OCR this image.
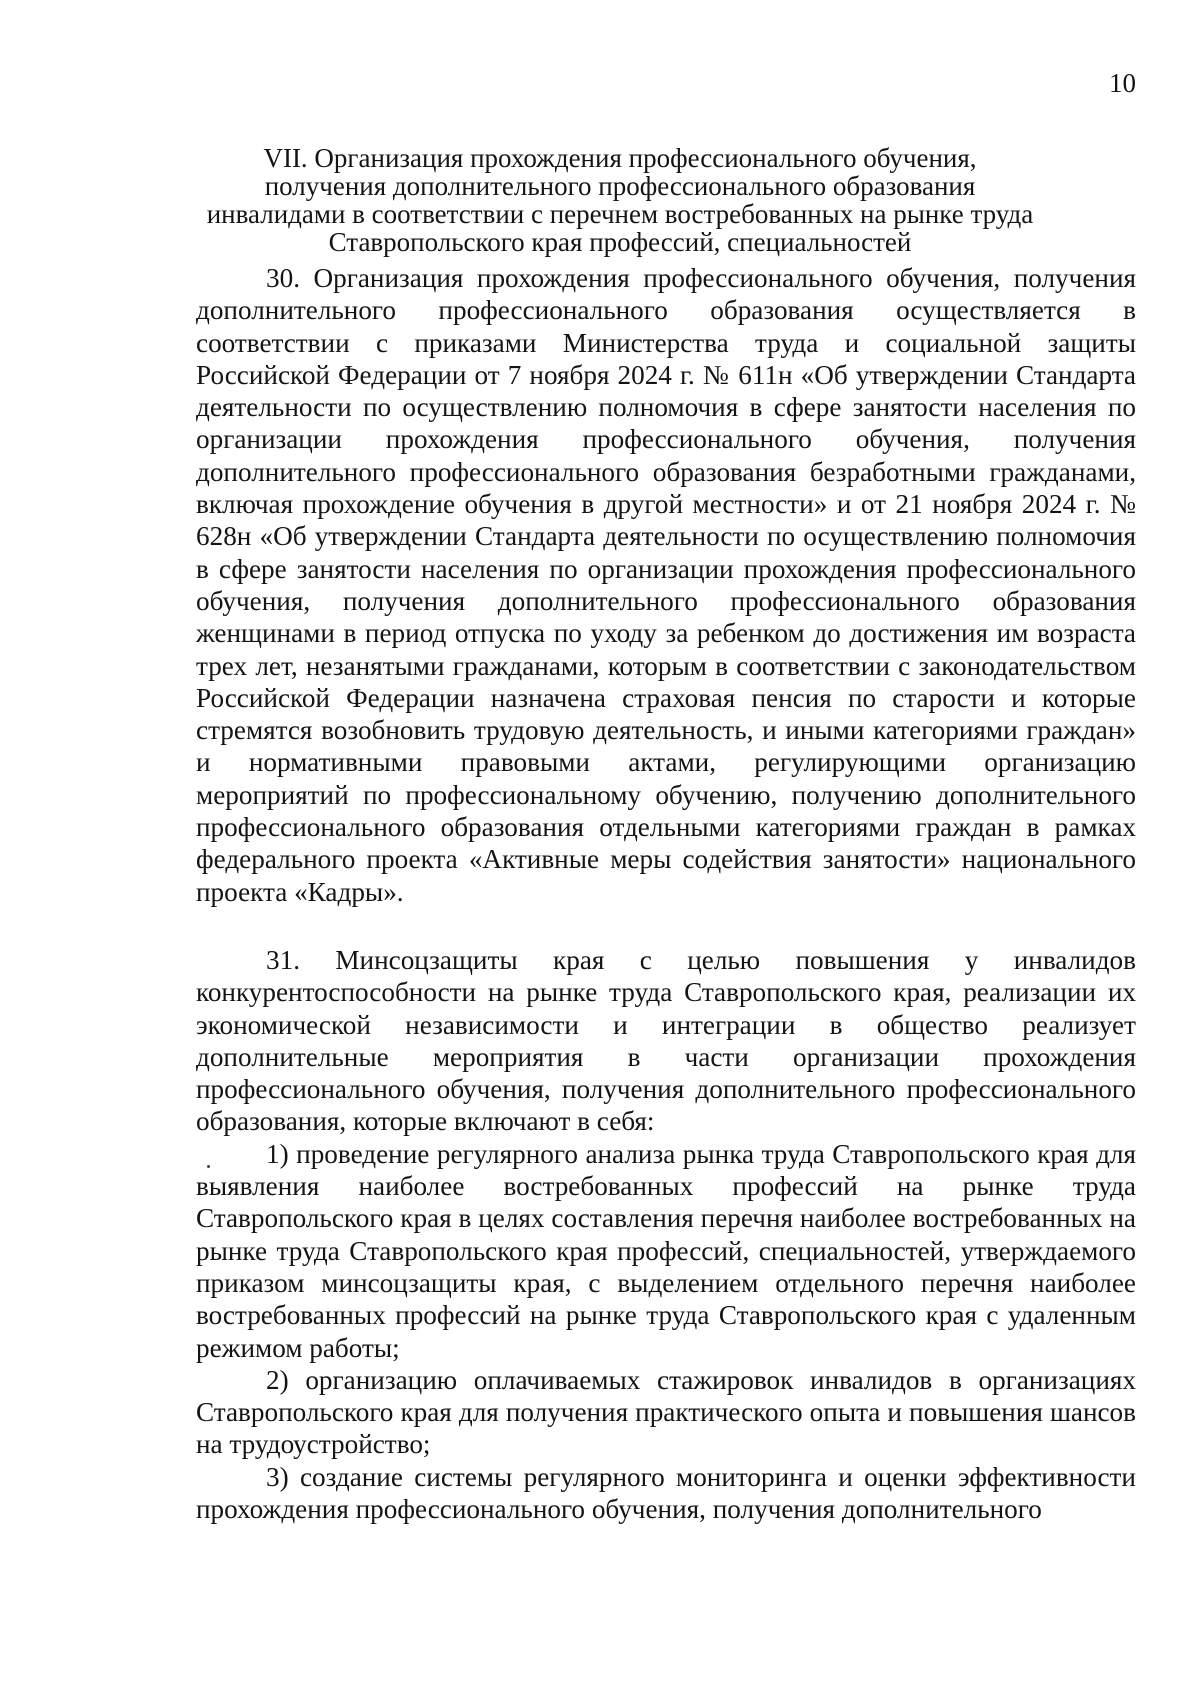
10
VII. Организация прохождения профессионального обучения,
получения дополнительного профессионального образования
инвалидами в соответствии с перечнем востребованных на рынке труда
Ставропольского края профессий, специальностей

30. Организация прохождения профессионального обучения, получения дополнительного профессионального образования осуществляется в соответствии с приказами Министерства труда и социальной защиты Российской Федерации от 7 ноября 2024 г. № 611н «Об утверждении Стандарта деятельности по осуществлению полномочия в сфере занятости населения по организации прохождения профессионального обучения, получения дополнительного профессионального образования безработными гражданами, включая прохождение обучения в другой местности» и от 21 ноября 2024 г. № 628н «Об утверждении Стандарта деятельности по осуществлению полномочия в сфере занятости населения по организации прохождения профессионального обучения, получения дополнительного профессионального образования женщинами в период отпуска по уходу за ребенком до достижения им возраста трех лет, незанятыми гражданами, которым в соответствии с законодательством Российской Федерации назначена страховая пенсия по старости и которые стремятся возобновить трудовую деятельность, и иными категориями граждан» и нормативными правовыми актами, регулирующими организацию мероприятий по профессиональному обучению, получению дополнительного профессионального образования отдельными категориями граждан в рамках федерального проекта «Активные меры содействия занятости» национального проекта «Кадры».

31. Минсоцзащиты края с целью повышения у инвалидов конкурентоспособности на рынке труда Ставропольского края, реализации их экономической независимости и интеграции в общество реализует дополнительные мероприятия в части организации прохождения профессионального обучения, получения дополнительного профессионального образования, которые включают в себя:

1) проведение регулярного анализа рынка труда Ставропольского края для выявления наиболее востребованных профессий на рынке труда Ставропольского края в целях составления перечня наиболее востребованных на рынке труда Ставропольского края профессий, специальностей, утверждаемого приказом минсоцзащиты края, с выделением отдельного перечня наиболее востребованных профессий на рынке труда Ставропольского края с удаленным режимом работы;

2) организацию оплачиваемых стажировок инвалидов в организациях Ставропольского края для получения практического опыта и повышения шансов на трудоустройство;

3) создание системы регулярного мониторинга и оценки эффективности прохождения профессионального обучения, получения дополнительного
